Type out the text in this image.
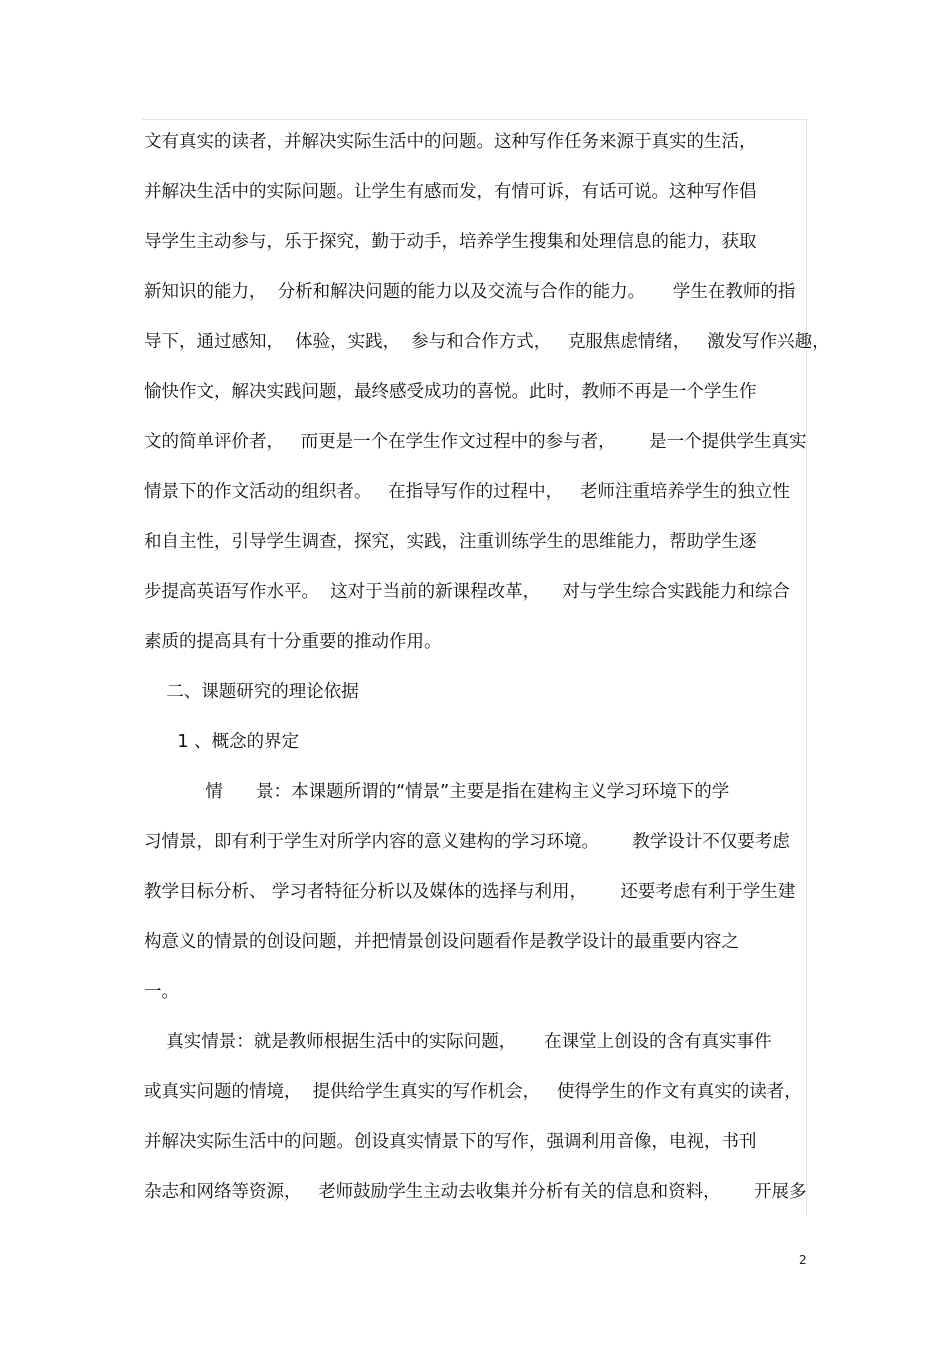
文有真实的读者，并解决实际生活中的问题。这种写作任务来源于真实的生活，
并解决生活中的实际问题。让学生有感而发，有情可诉，有话可说。这种写作倡
导学生主动参与，乐于探究，勤于动手，培养学生搜集和处理信息的能力，获取
新知识的能力，  分析和解决问题的能力以及交流与合作的能力。     学生在教师的指
导下，通过感知，  体验，实践，  参与和合作方式，   克服焦虑情绪，   激发写作兴趣，
愉快作文，解决实践问题，最终感受成功的喜悦。此时，教师不再是一个学生作
文的简单评价者，   而更是一个在学生作文过程中的参与者，      是一个提供学生真实
情景下的作文活动的组织者。   在指导写作的过程中，   老师注重培养学生的独立性
和自主性，引导学生调查，探究，实践，注重训练学生的思维能力，帮助学生逐
步提高英语写作水平。  这对于当前的新课程改革，    对与学生综合实践能力和综合
素质的提高具有十分重要的推动作用。
二、课题研究的理论依据
1 、概念的界定
情      景：本课题所谓的“情景”主要是指在建构主义学习环境下的学
习情景，即有利于学生对所学内容的意义建构的学习环境。      教学设计不仅要考虑
教学目标分析、 学习者特征分析以及媒体的选择与利用，      还要考虑有利于学生建
构意义的情景的创设问题，并把情景创设问题看作是教学设计的最重要内容之
一。
真实情景：就是教师根据生活中的实际问题，     在课堂上创设的含有真实事件
或真实问题的情境，  提供给学生真实的写作机会，   使得学生的作文有真实的读者，
并解决实际生活中的问题。创设真实情景下的写作，强调利用音像，电视，书刊
杂志和网络等资源，   老师鼓励学生主动去收集并分析有关的信息和资料，      开展多
2
